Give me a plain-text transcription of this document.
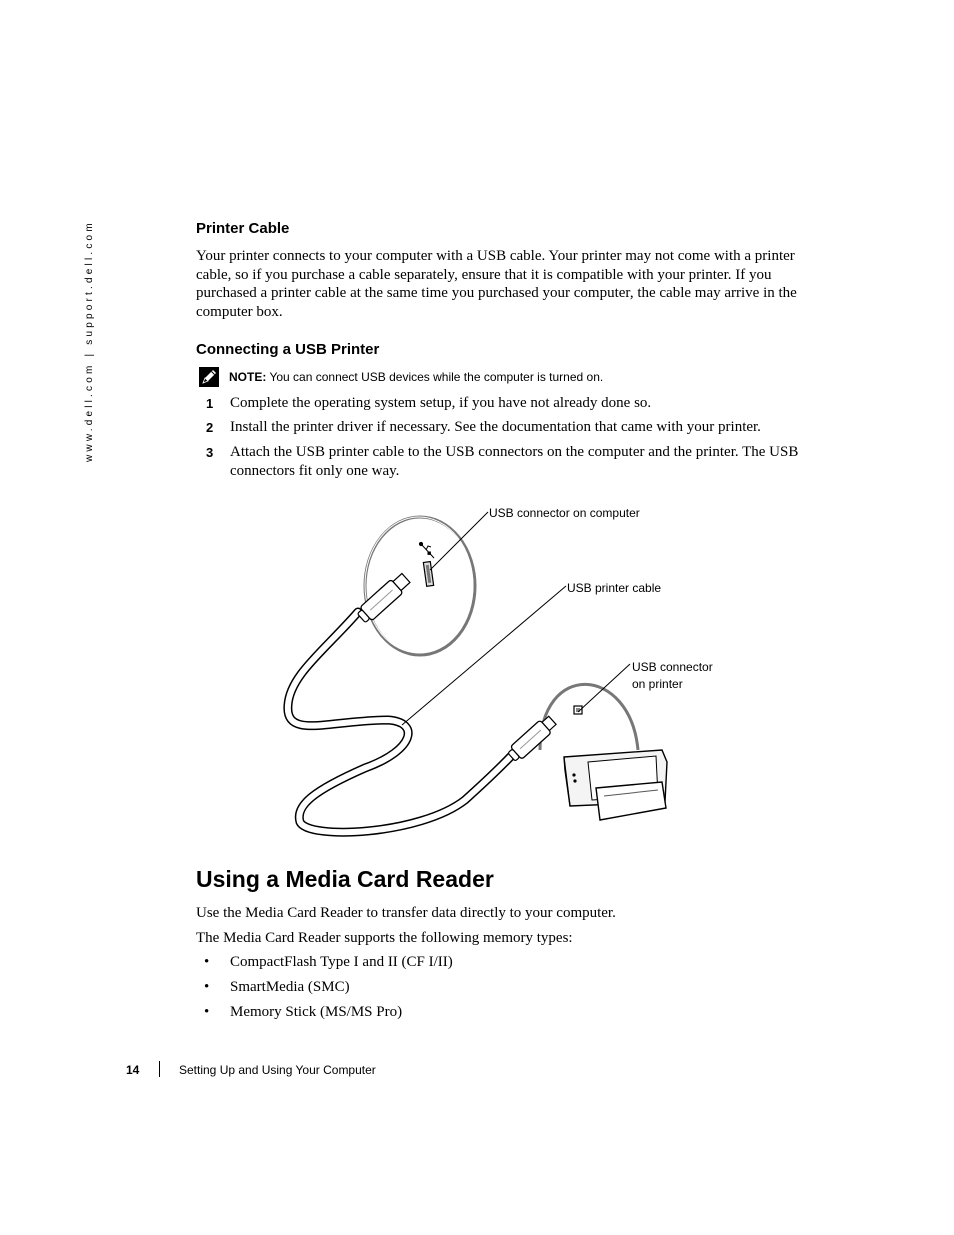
www.dell.com | support.dell.com	Printer Cable
Your printer connects to your computer with a USB cable. Your printer may not come with a printer cable, so if you purchase a cable separately, ensure that it is compatible with your printer. If you purchased a printer cable at the same time you purchased your computer, the cable may arrive in the computer box.
Connecting a USB Printer
NOTE: You can connect USB devices while the computer is turned on.
1 Complete the operating system setup, if you have not already done so.
2 Install the printer driver if necessary. See the documentation that came with your printer.
3 Attach the USB printer cable to the USB connectors on the computer and the printer. The USB connectors fit only one way.
USB connector on computer
USB printer cable
USB connector
on printer
Using a Media Card Reader
Use the Media Card Reader to transfer data directly to your computer.
The Media Card Reader supports the following memory types:
• CompactFlash Type I and II (CF I/II)
• SmartMedia (SMC)
• Memory Stick (MS/MS Pro)
14	Setting Up and Using Your Computer
